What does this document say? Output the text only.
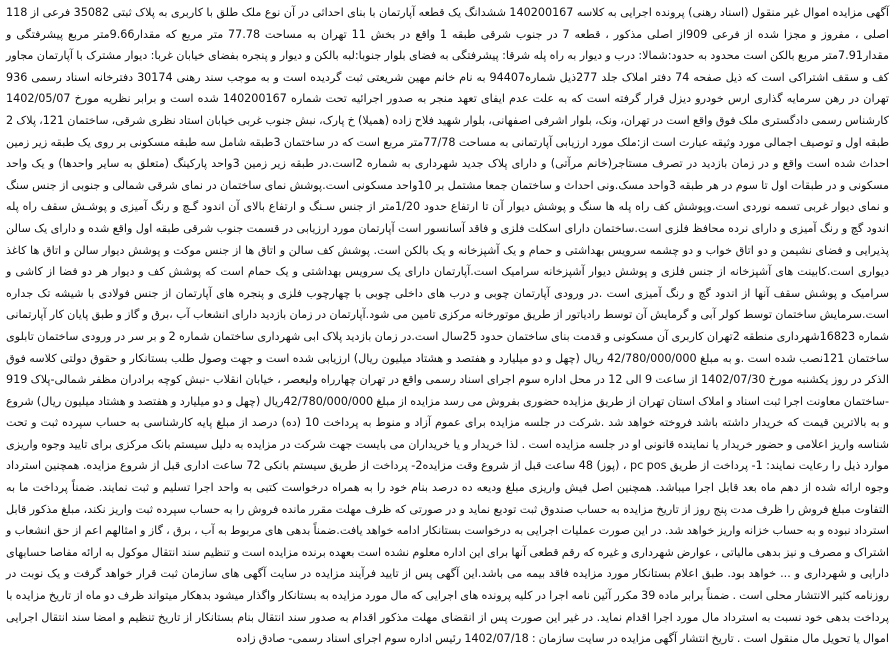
آگهی مزایده اموال غیر منقول (اسناد رهنی) پرونده اجرایی به کلاسه 140200167 ششدانگ یک قطعه آپارتمان با بنای احداثی در آن نوع ملک طلق با کاربری به پلاک ثبتی 35082 فرعی از 118 اصلی ، مفروز و مجزا شده از فرعی 909از اصلی مذکور ، قطعه 7 در جنوب شرقی طبقه 1 واقع در بخش 11 تهران به مساحت 77.78 متر مربع که مقدار9.66متر مربع پیشرفتگی و مقدار7.91متر مربع بالکن است محدود به حدود:شمالا: درب و دیوار به راه پله شرقا: پیشرفتگی به فضای بلوار جنوبا:لبه بالکن و دیوار و پنجره بفضای خیابان غربا: دیوار مشترک با آپارتمان مجاور کف و سقف اشتراکی است که ذیل صفحه 74 دفتر املاک جلد 277ذیل شماره94407 به نام خانم مهین شریعتی ثبت گردیده است و به موجب سند رهنی 30174 دفترخانه اسناد رسمی 936 تهران در رهن سرمایه گذاری ارس خودرو دیزل قرار گرفته است که به علت عدم ایفای تعهد منجر به صدور اجرائیه تحت شماره 140200167 شده است و برابر نظریه مورخ 1402/05/07 کارشناس رسمی دادگستری ملک فوق واقع است در تهران، ونک، بلوار اشرفی اصفهانی، بلوار شهید فلاح زاده (همیلا) خ پارک، نبش جنوب غربی خیابان استاد نظری شرقی، ساختمان 121، پلاک 2 طبقه اول و توصیف اجمالی مورد وثیقه عبارت است از:ملک مورد ارزیابی آپارتمانی به مساحت 77/78متر مربع است که در ساختمان 3طبقه شامل سه طبقه مسکونی بر روی یک طبقه زیر زمین احداث شده است واقع و در زمان بازدید در تصرف مستاجر(خانم مرآتی) و دارای پلاک جدید شهرداری به شماره 2است.در طبقه زیر زمین 3واحد پارکینگ (متعلق به سایر واحدها) و یک واحد مسکونی و در طبقات اول تا سوم در هر طبقه 3واحد مسک.ونی احداث و ساختمان جمعا مشتمل بر 10واحد مسکونی است.پوشش نمای ساختمان در نمای شرقی شمالی و جنوبی از جنس سنگ و نمای دیوار غربی تسمه نوردی است.وپوشش کف راه پله ها سنگ و پوشش دیوار آن تا ارتفاع حدود 1/20متر از جنس سـنگ و ارتفاع بالای آن اندود گـچ و رنگ آمیزی و پوشـش سقف راه پله اندود گچ و رنگ آمیزی و دارای نرده محافظ فلزی است.ساختمان دارای اسکلت فلزی و فاقد آسانسور است آپارتمان مورد ارزیابی در قسمت جنوب شرقی طبقه اول واقع شده و دارای یک سالن پذیرایی و فضای نشیمن و دو اتاق خواب و دو چشمه سرویس بهداشتی و حمام و یک آشپزخانه و یک بالکن است. پوشش کف سالن و اتاق ها از جنس موکت و پوشش دیوار سالن و اتاق ها کاغذ دیواری است.کابینت های آشپزخانه از جنس فلزی و پوشش دیوار آشپزخانه سرامیک است.آپارتمان دارای یک سرویس بهداشتی و یک حمام است که پوشش کف و دیوار هر دو فضا از کاشی و سرامیک و پوشش سقف آنها از اندود گچ و رنگ آمیزی است .در ورودی آپارتمان چوبی و درب های داخلی چوبی با چهارچوب فلزی و پنجره های آپارتمان از جنس فولادی با شیشه تک جداره است.سرمایش ساختمان توسط کولر آبی و گرمایش آن توسط رادیاتور از طریق موتورخانه مرکزی تامین می شود.آپارتمان در زمان بازدید دارای انشعاب آب ،برق و گاز و طبق پایان کار آپارتمانی شماره 16823شهرداری منطقه 2تهران کاربری آن مسکونی و قدمت بنای ساختمان حدود 25سال است.در زمان بازدید پلاک ابی شهرداری ساختمان شماره 2 و بر سر در ورودی ساختمان تابلوی ساختمان 121نصب شده است .و به مبلغ 42/780/000/000 ریال (چهل و دو میلیارد و هفتصد و هشتاد میلیون ریال) ارزیابی شده است و جهت وصول طلب بستانکار و حقوق دولتی کلاسه فوق الذکر در روز یکشنبه مورخ 1402/07/30 از ساعت 9 الی 12 در محل اداره سوم اجرای اسناد رسمی واقع در تهران چهارراه ولیعصر ، خیابان انقلاب -نبش کوچه برادران مظفر شمالی-پلاک 919 -ساختمان معاونت اجرا ثبت اسناد و املاک استان تهران از طریق مزایده حضوری بفروش می رسد مزایده از مبلغ 42/780/000/000ریال (چهل و دو میلیارد و هفتصد و هشتاد میلیون ریال) شروع و به بالاترین قیمت که خریدار داشته باشد فروخته خواهد شد .شرکت در جلسه مزایده برای عموم آزاد و منوط به پرداخت 10 (ده) درصد از مبلغ پایه کارشناسی به حساب سپرده ثبت و تحت شناسه واریز اعلامی و حضور خریدار یا نماینده قانونی او در جلسه مزایده است . لذا خریدار و یا خریداران می بایست جهت شرکت در مزایده به دلیل سیستم بانک مرکزی برای تایید وجوه واریزی موارد ذیل را رعایت نمایند: 1- پرداخت از طریق pc pos ، (پوز) 48 ساعت قبل از شروع وقت مزایده2- پرداخت از طریق سیستم بانکی 72 ساعت اداری قبل از شروع مزایده. همچنین استرداد وجوه ارائه شده از دهم ماه بعد قابل اجرا میباشد. همچنین اصل فیش واریزی مبلغ ودیعه ده درصد بنام خود را به همراه درخواست کتبی به واحد اجرا تسلیم و ثبت نمایند. ضمناً پرداخت ما به التفاوت مبلغ فروش را ظرف مدت پنج روز از تاریخ مزایده به حساب صندوق ثبت تودیع نماید و در صورتی که ظرف مهلت مقرر مانده فروش را به حساب سپرده ثبت واریز نکند، مبلغ مذکور قابل استرداد نبوده و به حساب خزانه واریز خواهد شد. در این صورت عملیات اجرایی به درخواست بستانکار ادامه خواهد یافت.ضمناً بدهی های مربوط به آب ، برق ، گاز و امثالهم اعم از حق انشعاب و اشتراک و مصرف و نیز بدهی مالیاتی ، عوارض شهرداری و غیره که رقم قطعی آنها برای این اداره معلوم نشده است بعهده برنده مزایده است و تنظیم سند انتقال موکول به ارائه مفاصا حسابهای دارایی و شهرداری و ... خواهد بود. طبق اعلام بستانکار مورد مزایده فاقد بیمه می باشد.این آگهی پس از تایید فرآیند مزایده در سایت آگهی های سازمان ثبت قرار خواهد گرفت و یک نوبت در روزنامه کثیر الانتشار محلی است . ضمناً برابر ماده 39 مکرر آئین نامه اجرا در کلیه پرونده های اجرایی که مال مورد مزایده به بستانکار واگذار میشود بدهکار میتواند ظرف دو ماه از تاریخ مزایده با پرداخت بدهی خود نسبت به استرداد مال مورد اجرا اقدام نماید. در غیر این صورت پس از انقضای مهلت مذکور اقدام به صدور سند انتقال بنام بستانکار از تاریخ تنظیم و امضا سند انتقال اجرایی اموال یا تحویل مال منقول است . تاریخ انتشار آگهی مزایده در سایت سازمان : 1402/07/18 رئیس اداره سوم اجرای اسناد رسمی- صادق زاده
